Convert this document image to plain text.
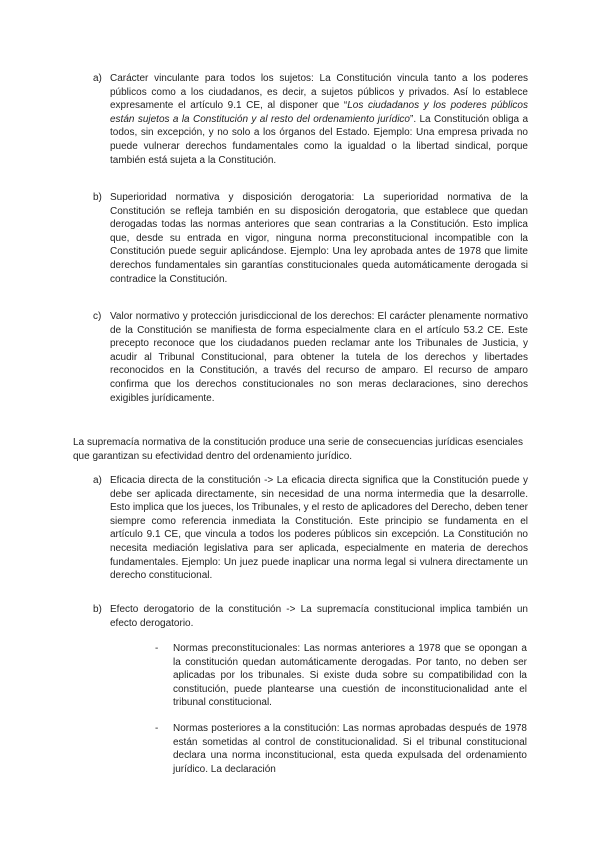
a) Carácter vinculante para todos los sujetos: La Constitución vincula tanto a los poderes públicos como a los ciudadanos, es decir, a sujetos públicos y privados. Así lo establece expresamente el artículo 9.1 CE, al disponer que “Los ciudadanos y los poderes públicos están sujetos a la Constitución y al resto del ordenamiento jurídico”. La Constitución obliga a todos, sin excepción, y no solo a los órganos del Estado. Ejemplo: Una empresa privada no puede vulnerar derechos fundamentales como la igualdad o la libertad sindical, porque también está sujeta a la Constitución.
b) Superioridad normativa y disposición derogatoria: La superioridad normativa de la Constitución se refleja también en su disposición derogatoria, que establece que quedan derogadas todas las normas anteriores que sean contrarias a la Constitución. Esto implica que, desde su entrada en vigor, ninguna norma preconstitucional incompatible con la Constitución puede seguir aplicándose. Ejemplo: Una ley aprobada antes de 1978 que limite derechos fundamentales sin garantías constitucionales queda automáticamente derogada si contradice la Constitución.
c) Valor normativo y protección jurisdiccional de los derechos: El carácter plenamente normativo de la Constitución se manifiesta de forma especialmente clara en el artículo 53.2 CE. Este precepto reconoce que los ciudadanos pueden reclamar ante los Tribunales de Justicia, y acudir al Tribunal Constitucional, para obtener la tutela de los derechos y libertades reconocidos en la Constitución, a través del recurso de amparo. El recurso de amparo confirma que los derechos constitucionales no son meras declaraciones, sino derechos exigibles jurídicamente.
La supremacía normativa de la constitución produce una serie de consecuencias jurídicas esenciales que garantizan su efectividad dentro del ordenamiento jurídico.
a) Eficacia directa de la constitución -> La eficacia directa significa que la Constitución puede y debe ser aplicada directamente, sin necesidad de una norma intermedia que la desarrolle. Esto implica que los jueces, los Tribunales, y el resto de aplicadores del Derecho, deben tener siempre como referencia inmediata la Constitución. Este principio se fundamenta en el artículo 9.1 CE, que vincula a todos los poderes públicos sin excepción. La Constitución no necesita mediación legislativa para ser aplicada, especialmente en materia de derechos fundamentales. Ejemplo: Un juez puede inaplicar una norma legal si vulnera directamente un derecho constitucional.
b) Efecto derogatorio de la constitución -> La supremacía constitucional implica también un efecto derogatorio.
- Normas preconstitucionales: Las normas anteriores a 1978 que se opongan a la constitución quedan automáticamente derogadas. Por tanto, no deben ser aplicadas por los tribunales. Si existe duda sobre su compatibilidad con la constitución, puede plantearse una cuestión de inconstitucionalidad ante el tribunal constitucional.
- Normas posteriores a la constitución: Las normas aprobadas después de 1978 están sometidas al control de constitucionalidad. Si el tribunal constitucional declara una norma inconstitucional, esta queda expulsada del ordenamiento jurídico. La declaración
